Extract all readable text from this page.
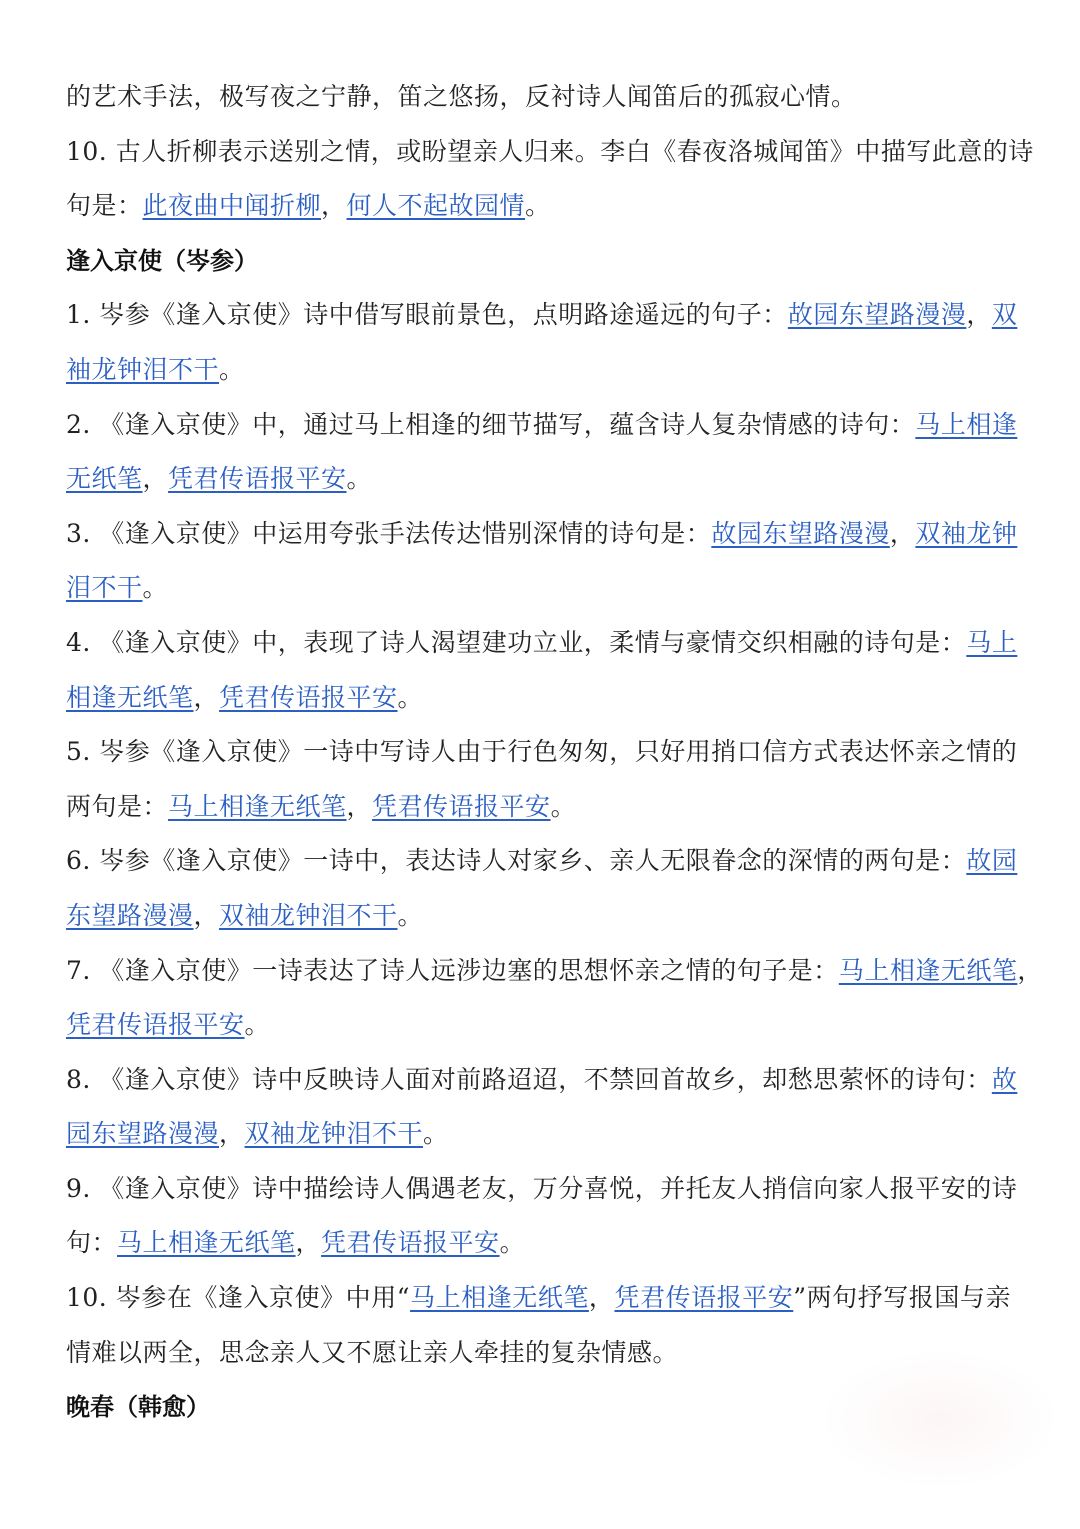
的艺术手法，极写夜之宁静，笛之悠扬，反衬诗人闻笛后的孤寂心情。
10. 古人折柳表示送别之情，或盼望亲人归来。李白《春夜洛城闻笛》中描写此意的诗
句是：此夜曲中闻折柳，何人不起故园情。
逢入京使（岑参）
1. 岑参《逢入京使》诗中借写眼前景色，点明路途遥远的句子：故园东望路漫漫，双
袖龙钟泪不干。
2. 《逢入京使》中，通过马上相逢的细节描写，蕴含诗人复杂情感的诗句：马上相逢
无纸笔，凭君传语报平安。
3. 《逢入京使》中运用夸张手法传达惜别深情的诗句是：故园东望路漫漫，双袖龙钟
泪不干。
4. 《逢入京使》中，表现了诗人渴望建功立业，柔情与豪情交织相融的诗句是：马上
相逢无纸笔，凭君传语报平安。
5. 岑参《逢入京使》一诗中写诗人由于行色匆匆，只好用捎口信方式表达怀亲之情的
两句是：马上相逢无纸笔，凭君传语报平安。
6. 岑参《逢入京使》一诗中，表达诗人对家乡、亲人无限眷念的深情的两句是：故园
东望路漫漫，双袖龙钟泪不干。
7. 《逢入京使》一诗表达了诗人远涉边塞的思想怀亲之情的句子是：马上相逢无纸笔，
凭君传语报平安。
8. 《逢入京使》诗中反映诗人面对前路迢迢，不禁回首故乡，却愁思萦怀的诗句：故
园东望路漫漫，双袖龙钟泪不干。
9. 《逢入京使》诗中描绘诗人偶遇老友，万分喜悦，并托友人捎信向家人报平安的诗
句：马上相逢无纸笔，凭君传语报平安。
10. 岑参在《逢入京使》中用“马上相逢无纸笔，凭君传语报平安”两句抒写报国与亲
情难以两全，思念亲人又不愿让亲人牵挂的复杂情感。
晚春（韩愈）
